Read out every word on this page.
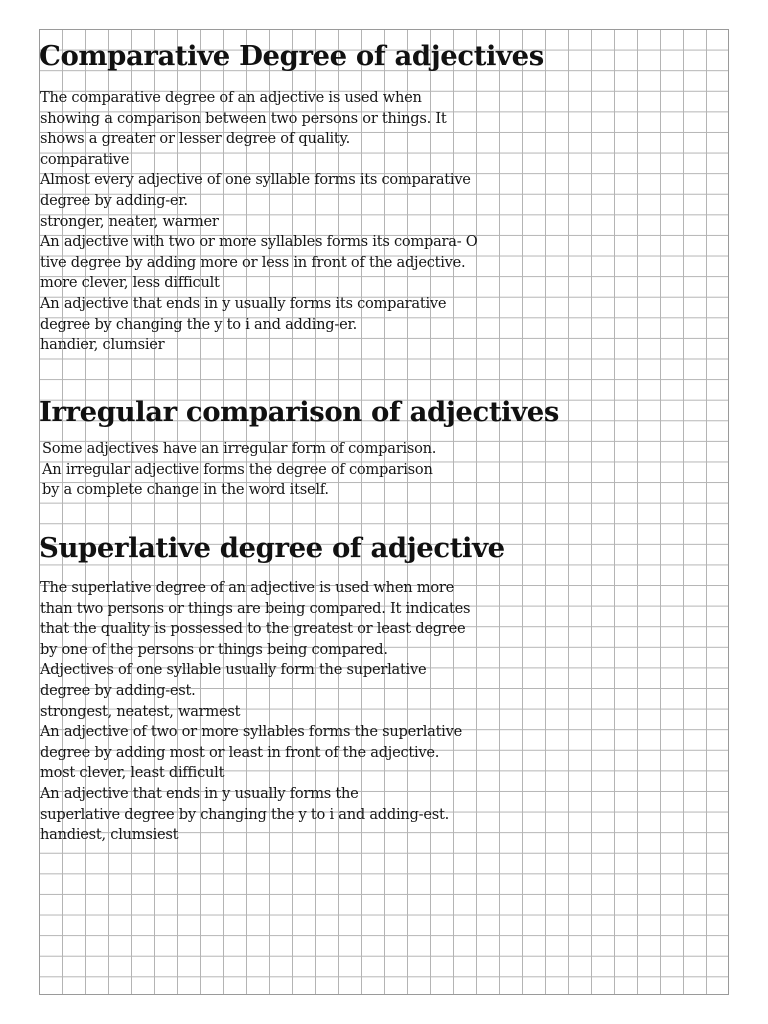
Comparative Degree of adjectives
The comparative degree of an adjective is used when
showing a comparison between two persons or things. It
shows a greater or lesser degree of quality.
comparative
Almost every adjective of one syllable forms its comparative
degree by adding-er.
stronger, neater, warmer
An adjective with two or more syllables forms its compara- O
tive degree by adding more or less in front of the adjective.
more clever, less difficult
An adjective that ends in y usually forms its comparative
degree by changing the y to i and adding-er.
handier, clumsier
Irregular comparison of adjectives
Some adjectives have an irregular form of comparison.
An irregular adjective forms the degree of comparison
by a complete change in the word itself.
Superlative degree of adjective
The superlative degree of an adjective is used when more
than two persons or things are being compared. It indicates
that the quality is possessed to the greatest or least degree
by one of the persons or things being compared.
Adjectives of one syllable usually form the superlative
degree by adding-est.
strongest, neatest, warmest
An adjective of two or more syllables forms the superlative
degree by adding most or least in front of the adjective.
most clever, least difficult
An adjective that ends in y usually forms the
superlative degree by changing the y to i and adding-est.
handiest, clumsiest
